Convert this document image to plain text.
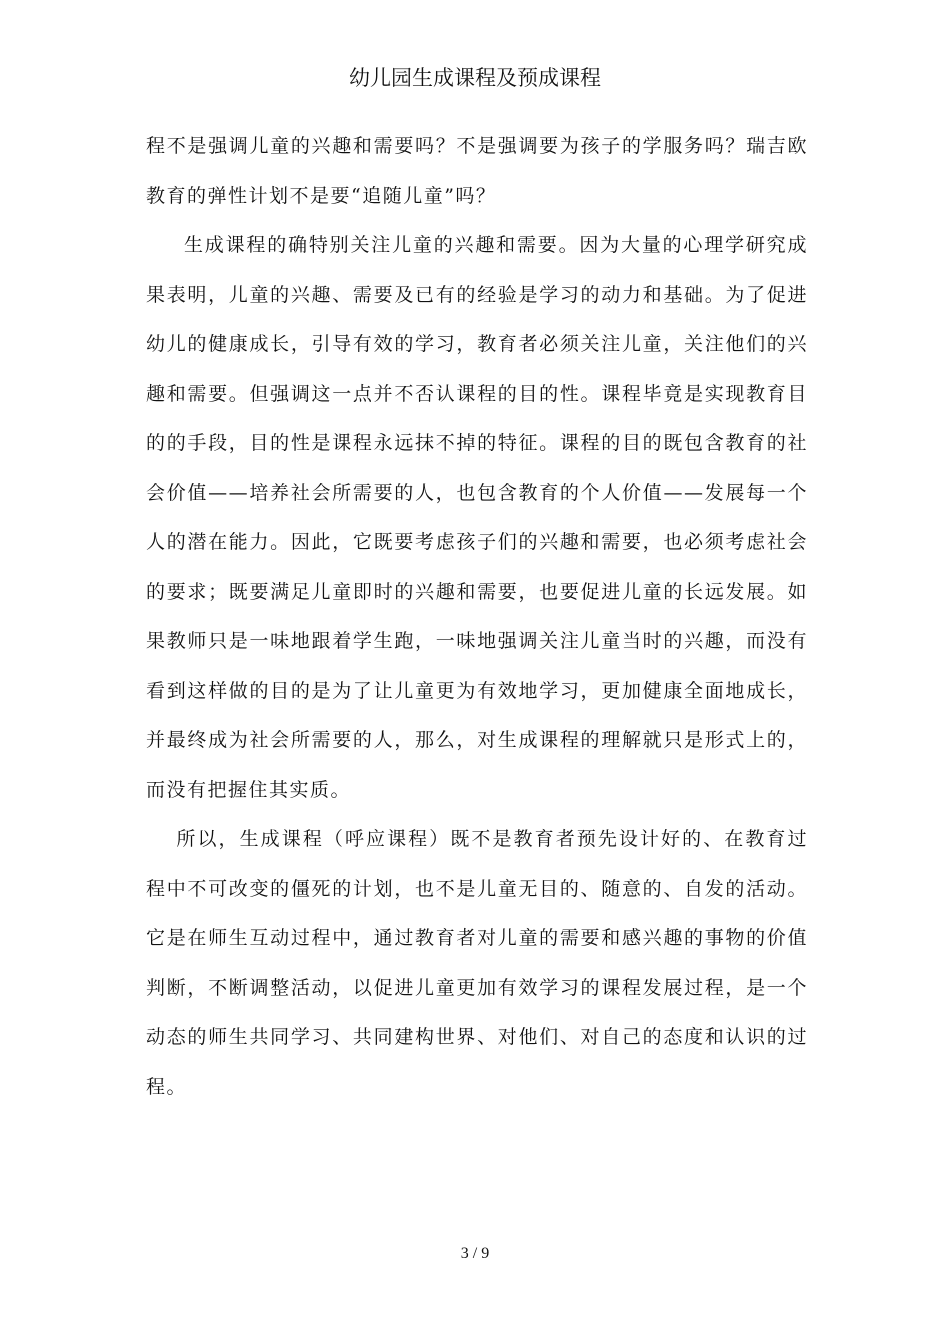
幼儿园生成课程及预成课程

程不是强调儿童的兴趣和需要吗？不是强调要为孩子的学服务吗？瑞吉欧教育的弹性计划不是要“追随儿童”吗？

生成课程的确特别关注儿童的兴趣和需要。因为大量的心理学研究成果表明，儿童的兴趣、需要及已有的经验是学习的动力和基础。为了促进幼儿的健康成长，引导有效的学习，教育者必须关注儿童，关注他们的兴趣和需要。但强调这一点并不否认课程的目的性。课程毕竟是实现教育目的的手段，目的性是课程永远抹不掉的特征。课程的目的既包含教育的社会价值——培养社会所需要的人，也包含教育的个人价值——发展每一个人的潜在能力。因此，它既要考虑孩子们的兴趣和需要，也必须考虑社会的要求；既要满足儿童即时的兴趣和需要，也要促进儿童的长远发展。如果教师只是一味地跟着学生跑，一味地强调关注儿童当时的兴趣，而没有看到这样做的目的是为了让儿童更为有效地学习，更加健康全面地成长，并最终成为社会所需要的人，那么，对生成课程的理解就只是形式上的，而没有把握住其实质。

所以，生成课程（呼应课程）既不是教育者预先设计好的、在教育过程中不可改变的僵死的计划，也不是儿童无目的、随意的、自发的活动。它是在师生互动过程中，通过教育者对儿童的需要和感兴趣的事物的价值判断，不断调整活动，以促进儿童更加有效学习的课程发展过程，是一个动态的师生共同学习、共同建构世界、对他们、对自己的态度和认识的过程。

3 / 9
